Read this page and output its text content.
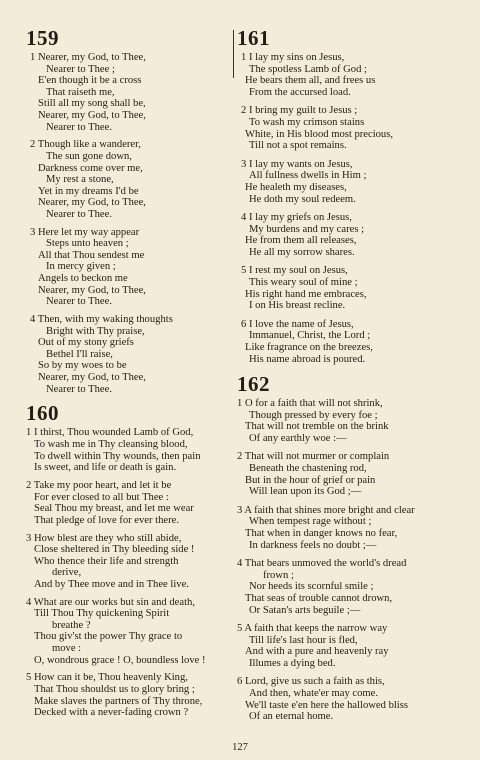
159
1 Nearer, my God, to Thee,
Nearer to Thee ;
E'en though it be a cross
That raiseth me,
Still all my song shall be,
Nearer, my God, to Thee,
Nearer to Thee.
2 Though like a wanderer,
The sun gone down,
Darkness come over me,
My rest a stone,
Yet in my dreams I'd be
Nearer, my God, to Thee,
Nearer to Thee.
3 Here let my way appear
Steps unto heaven ;
All that Thou sendest me
In mercy given ;
Angels to beckon me
Nearer, my God, to Thee,
Nearer to Thee.
4 Then, with my waking thoughts
Bright with Thy praise,
Out of my stony griefs
Bethel I'll raise,
So by my woes to be
Nearer, my God, to Thee,
Nearer to Thee.
160
1 I thirst, Thou wounded Lamb of God,
To wash me in Thy cleansing blood,
To dwell within Thy wounds, then pain
Is sweet, and life or death is gain.
2 Take my poor heart, and let it be
For ever closed to all but Thee :
Seal Thou my breast, and let me wear
That pledge of love for ever there.
3 How blest are they who still abide,
Close sheltered in Thy bleeding side !
Who thence their life and strength
derive,
And by Thee move and in Thee live.
4 What are our works but sin and death,
Till Thou Thy quickening Spirit
breathe ?
Thou giv'st the power Thy grace to
move :
O, wondrous grace ! O, boundless love !
5 How can it be, Thou heavenly King,
That Thou shouldst us to glory bring ;
Make slaves the partners of Thy throne,
Decked with a never-fading crown ?
161
1 I lay my sins on Jesus,
The spotless Lamb of God ;
He bears them all, and frees us
From the accursed load.
2 I bring my guilt to Jesus ;
To wash my crimson stains
White, in His blood most precious,
Till not a spot remains.
3 I lay my wants on Jesus,
All fullness dwells in Him ;
He healeth my diseases,
He doth my soul redeem.
4 I lay my griefs on Jesus,
My burdens and my cares ;
He from them all releases,
He all my sorrow shares.
5 I rest my soul on Jesus,
This weary soul of mine ;
His right hand me embraces,
I on His breast recline.
6 I love the name of Jesus,
Immanuel, Christ, the Lord ;
Like fragrance on the breezes,
His name abroad is poured.
162
1 O for a faith that will not shrink,
Though pressed by every foe ;
That will not tremble on the brink
Of any earthly woe :—
2 That will not murmer or complain
Beneath the chastening rod,
But in the hour of grief or pain
Will lean upon its God ;—
3 A faith that shines more bright and clear
When tempest rage without ;
That when in danger knows no fear,
In darkness feels no doubt ;—
4 That bears unmoved the world's dread
frown ;
Nor heeds its scornful smile ;
That seas of trouble cannot drown,
Or Satan's arts beguile ;—
5 A faith that keeps the narrow way
Till life's last hour is fled,
And with a pure and heavenly ray
Illumes a dying bed.
6 Lord, give us such a faith as this,
And then, whate'er may come.
We'll taste e'en here the hallowed bliss
Of an eternal home.
127
